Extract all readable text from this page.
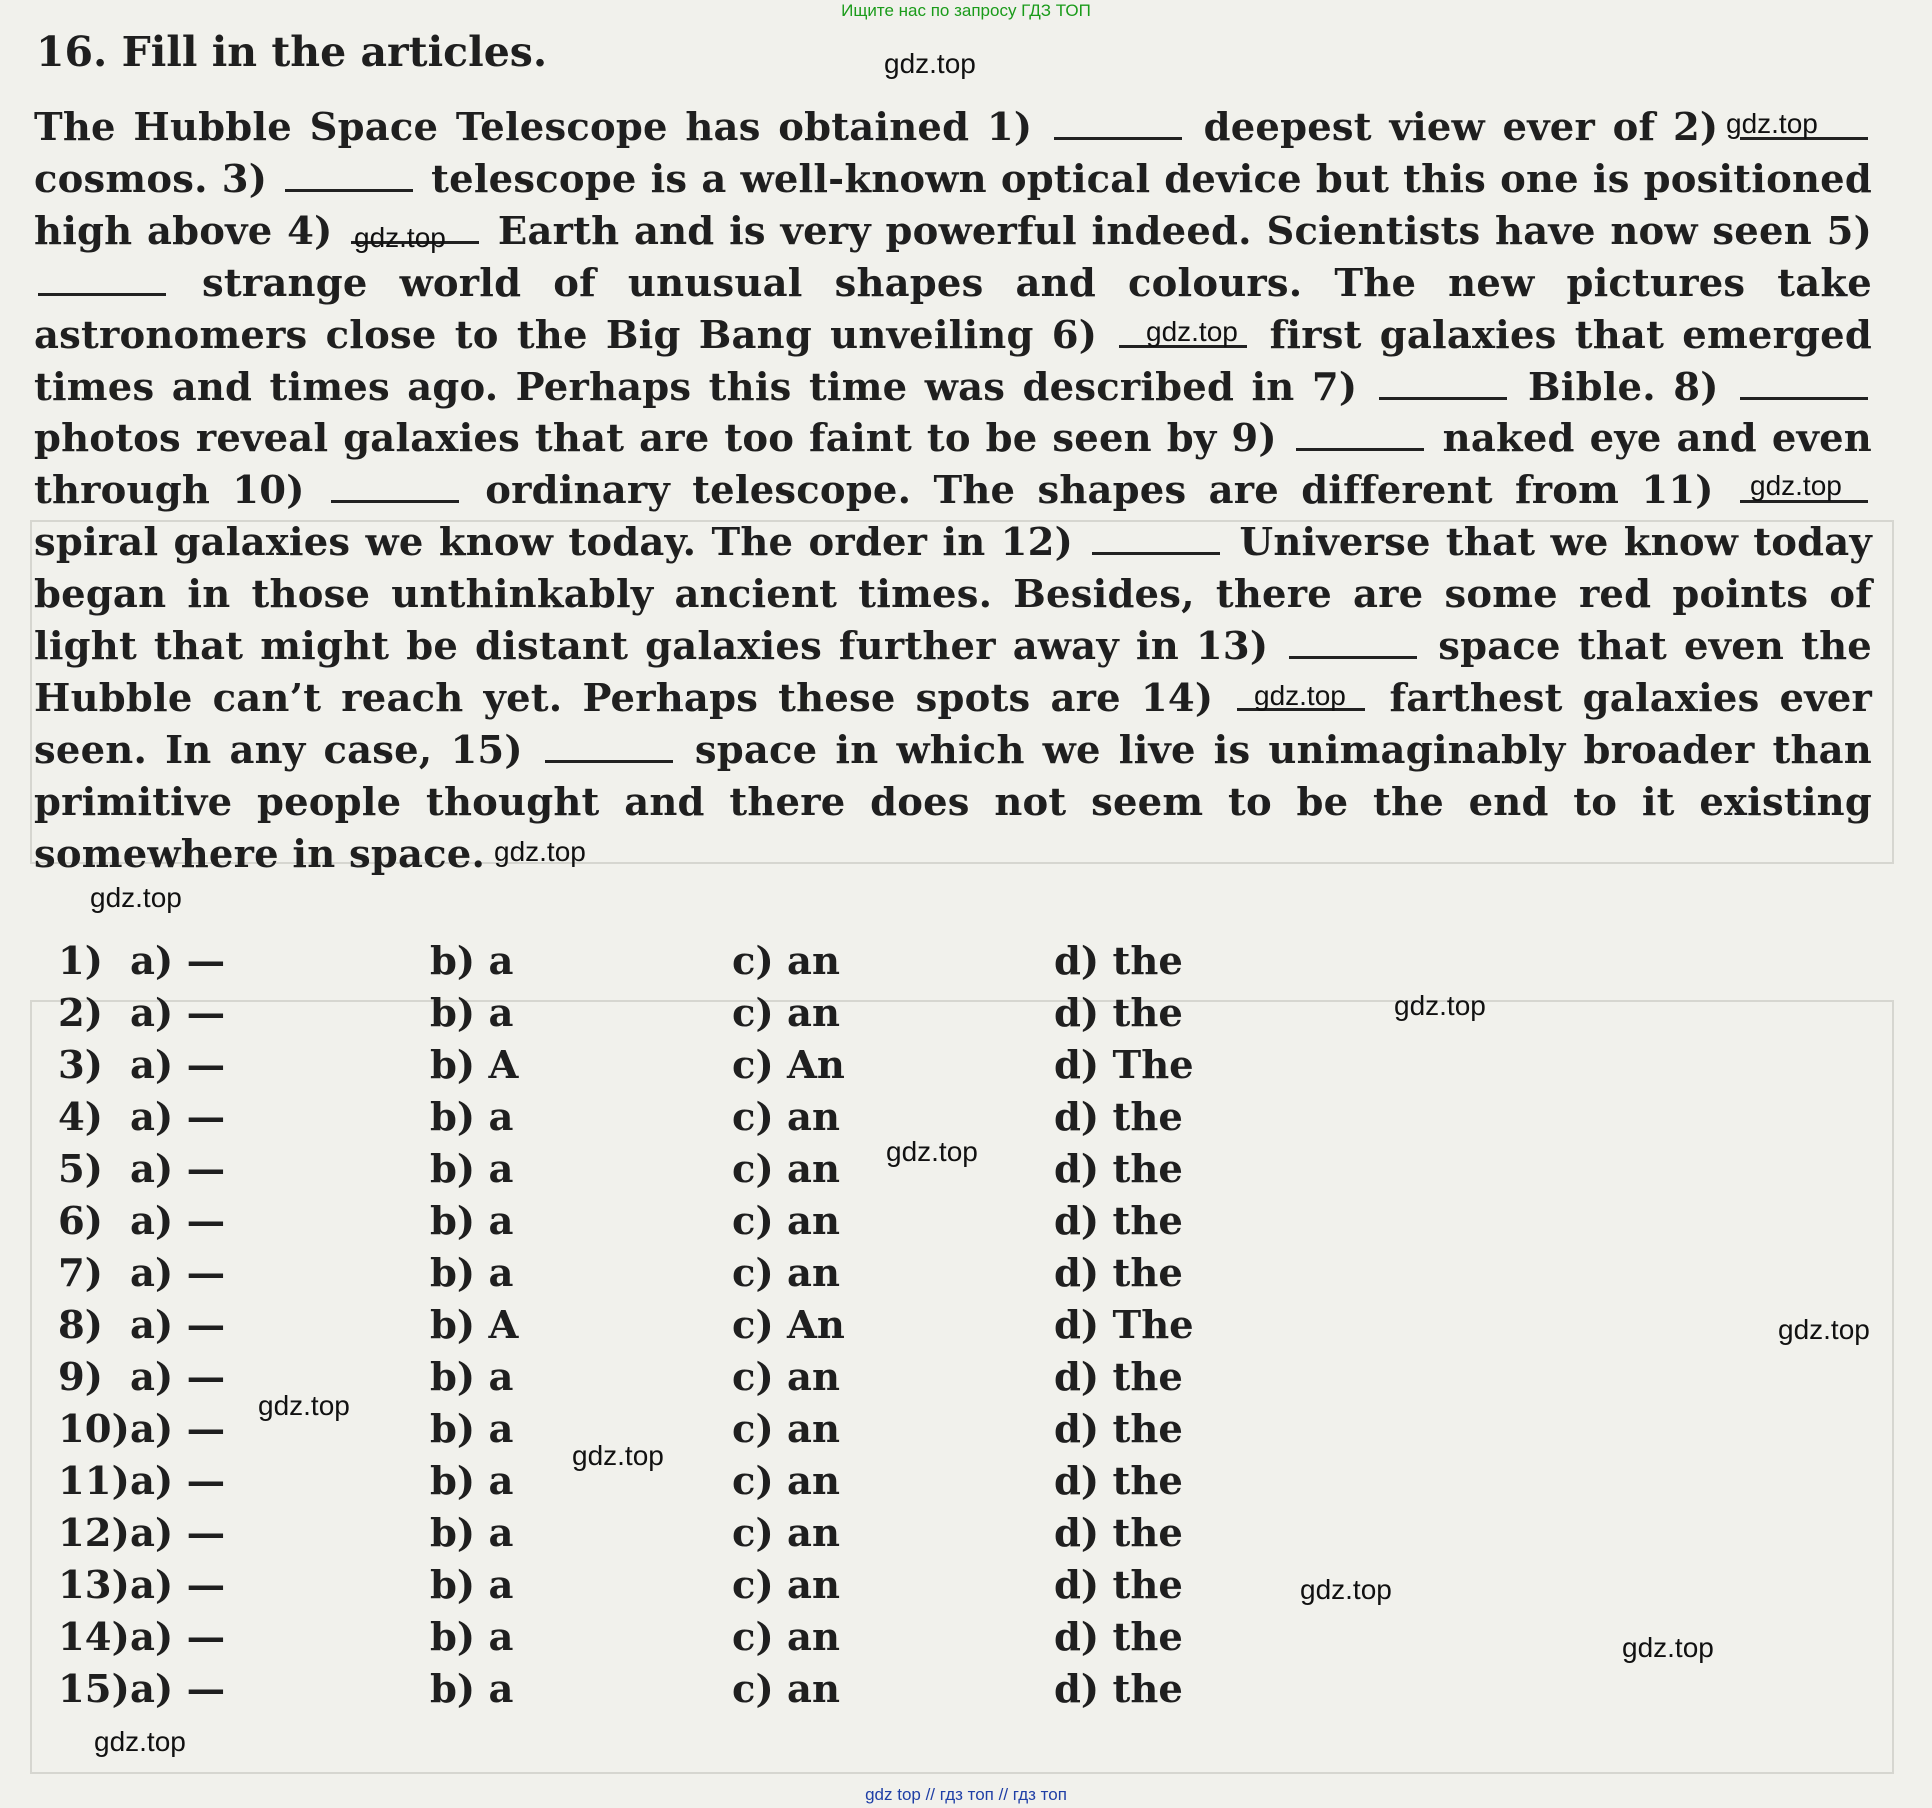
Ищите нас по запросу ГДЗ ТОП
16. Fill in the articles.

The Hubble Space Telescope has obtained 1)	deepest view ever of 2)  cosmos. 3)	telescope is a well-known optical device but this one is positioned high above 4)	Earth and is very powerful indeed. Scientists have now seen 5)  strange world of unusual shapes and colours. The new pictures take astronomers close to the Big Bang unveiling 6)	first galaxies that emerged times and times ago. Perhaps this time was described in 7)	Bible. 8)  photos reveal galaxies that are too faint to be seen by 9)	naked eye and even through 10)	ordinary telescope. The shapes are different from 11)  spiral galaxies we know today. The order in 12)	Universe that we know today began in those unthinkably ancient times. Besides, there are some red points of light that might be distant galaxies further away in 13)	space that even the Hubble can’t reach yet. Perhaps these spots are 14)	farthest galaxies ever seen. In any case, 15)	space in which we live is unimaginably broader than primitive people thought and there does not seem to be the end to it existing somewhere in space.

1) a) —	b) a	c) an	d) the
2) a) —	b) a	c) an	d) the
3) a) —	b) A	c) An	d) The
4) a) —	b) a	c) an	d) the
5) a) —	b) a	c) an	d) the
6) a) —	b) a	c) an	d) the
7) a) —	b) a	c) an	d) the
8) a) —	b) A	c) An	d) The
9) a) —	b) a	c) an	d) the
10) a) —	b) a	c) an	d) the
11) a) —	b) a	c) an	d) the
12) a) —	b) a	c) an	d) the
13) a) —	b) a	c) an	d) the
14) a) —	b) a	c) an	d) the
15) a) —	b) a	c) an	d) the
gdz.top
gdz.top
gdz.top
gdz.top
gdz.top
gdz.top
gdz.top
gdz.top
gdz.top
gdz.top
gdz.top
gdz.top
gdz.top
gdz.top
gdz.top
gdz.top
gdz top // гдз топ // гдз топ
